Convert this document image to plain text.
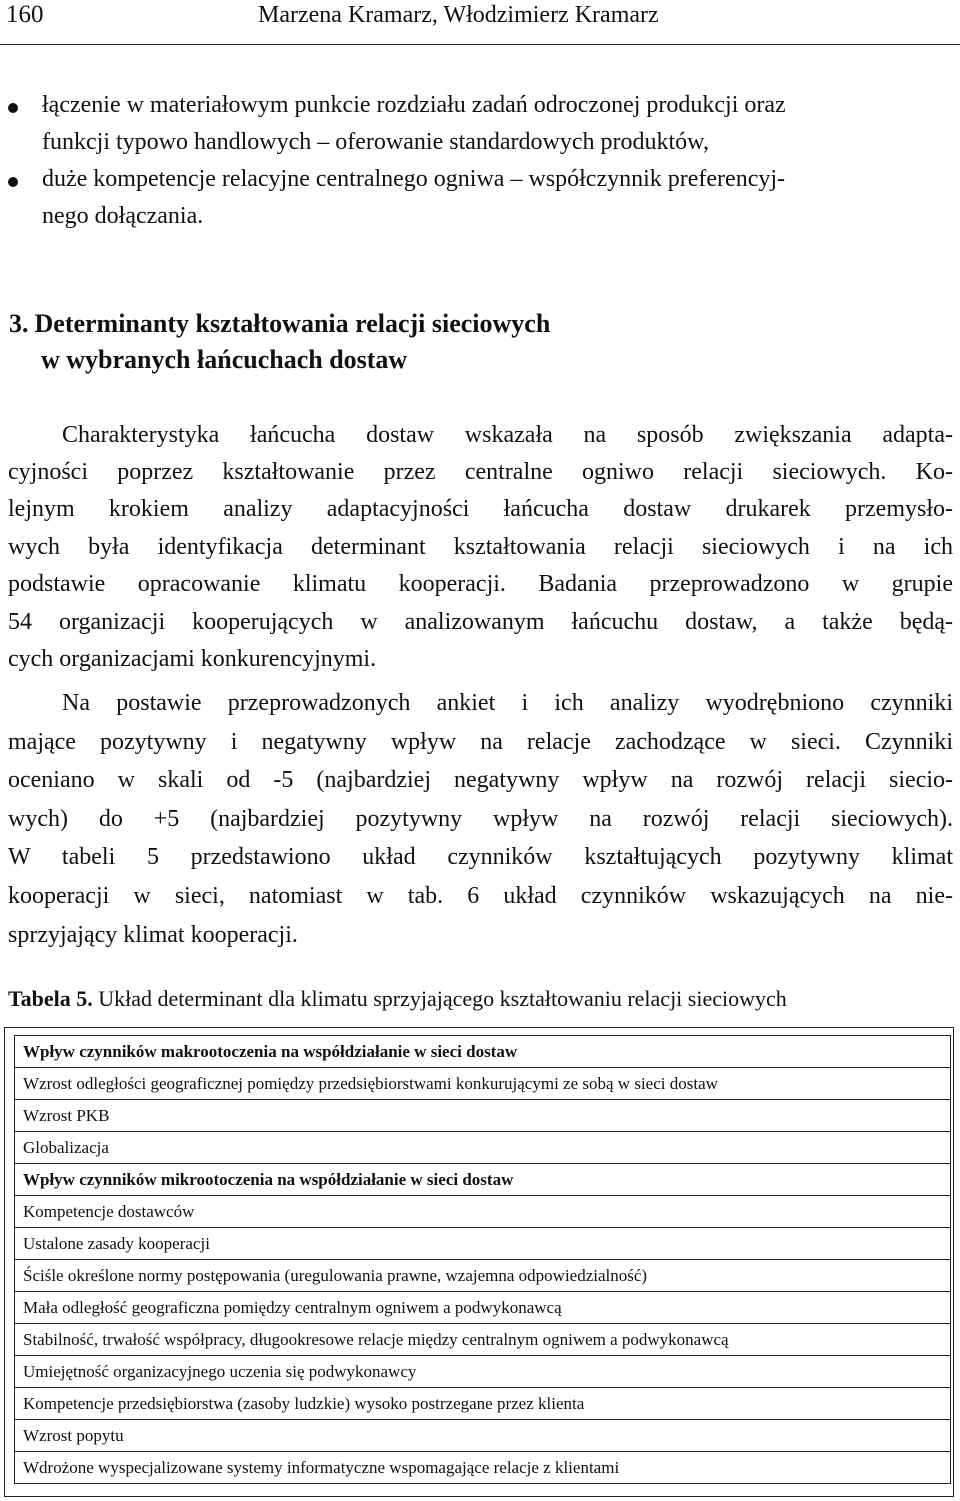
160	Marzena Kramarz, Włodzimierz Kramarz
łączenie w materiałowym punkcie rozdziału zadań odroczonej produkcji oraz
funkcji typowo handlowych – oferowanie standardowych produktów,
duże kompetencje relacyjne centralnego ogniwa – współczynnik preferencyj-
nego dołączania.
3. Determinanty kształtowania relacji sieciowych
w wybranych łańcuchach dostaw
Charakterystyka łańcucha dostaw wskazała na sposób zwiększania adapta-
cyjności poprzez kształtowanie przez centralne ogniwo relacji sieciowych. Ko-
lejnym krokiem analizy adaptacyjności łańcucha dostaw drukarek przemysło-
wych była identyfikacja determinant kształtowania relacji sieciowych i na ich
podstawie opracowanie klimatu kooperacji. Badania przeprowadzono w grupie
54 organizacji kooperujących w analizowanym łańcuchu dostaw, a także będą-
cych organizacjami konkurencyjnymi.
Na postawie przeprowadzonych ankiet i ich analizy wyodrębniono czynniki
mające pozytywny i negatywny wpływ na relacje zachodzące w sieci. Czynniki
oceniano w skali od -5 (najbardziej negatywny wpływ na rozwój relacji siecio-
wych) do +5 (najbardziej pozytywny wpływ na rozwój relacji sieciowych).
W tabeli 5 przedstawiono układ czynników kształtujących pozytywny klimat
kooperacji w sieci, natomiast w tab. 6 układ czynników wskazujących na nie-
sprzyjający klimat kooperacji.
Tabela 5. Układ determinant dla klimatu sprzyjającego kształtowaniu relacji sieciowych
Wpływ czynników makrootoczenia na współdziałanie w sieci dostaw
Wzrost odległości geograficznej pomiędzy przedsiębiorstwami konkurującymi ze sobą w sieci dostaw
Wzrost PKB
Globalizacja
Wpływ czynników mikrootoczenia na współdziałanie w sieci dostaw
Kompetencje dostawców
Ustalone zasady kooperacji
Ściśle określone normy postępowania (uregulowania prawne, wzajemna odpowiedzialność)
Mała odległość geograficzna pomiędzy centralnym ogniwem a podwykonawcą
Stabilność, trwałość współpracy, długookresowe relacje między centralnym ogniwem a podwykonawcą
Umiejętność organizacyjnego uczenia się podwykonawcy
Kompetencje przedsiębiorstwa (zasoby ludzkie) wysoko postrzegane przez klienta
Wzrost popytu
Wdrożone wyspecjalizowane systemy informatyczne wspomagające relacje z klientami
